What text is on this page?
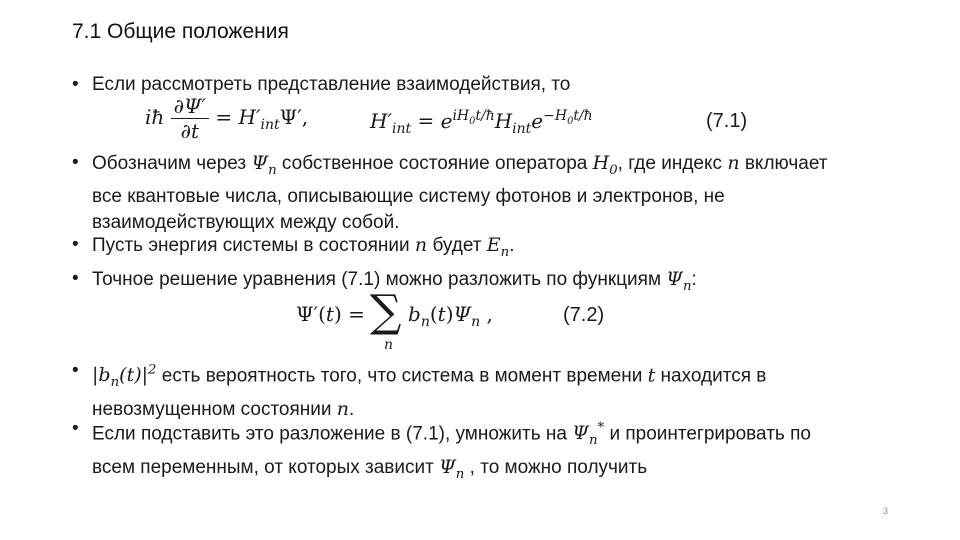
7.1 Общие положения
• Если рассмотреть представление взаимодействия, то
iħ $\frac{\partial\Psi'}{\partial t} = H'_{int}\Psi'$,	$H'_{int} = e^{iH_0t/ħ}H_{int}e^{-H_0t/ħ}$	(7.1)
• Обозначим через $\Psi_n$ собственное состояние оператора $H_0$, где индекс n включает все квантовые числа, описывающие систему фотонов и электронов, не взаимодействующих между собой.
• Пусть энергия системы в состоянии n будет $E_n$.
• Точное решение уравнения (7.1) можно разложить по функциям $\Psi_n$:
Ψ′(t) = ∑
n
$b_n(t)\Psi_n$ ,	(7.2)
• $|b_n(t)|^2$ есть вероятность того, что система в момент времени t находится в невозмущенном состоянии n.
• Если подставить это разложение в (7.1), умножить на $\Psi_n^*$ и проинтегрировать по всем переменным, от которых зависит $\Psi_n$ , то можно получить
3
